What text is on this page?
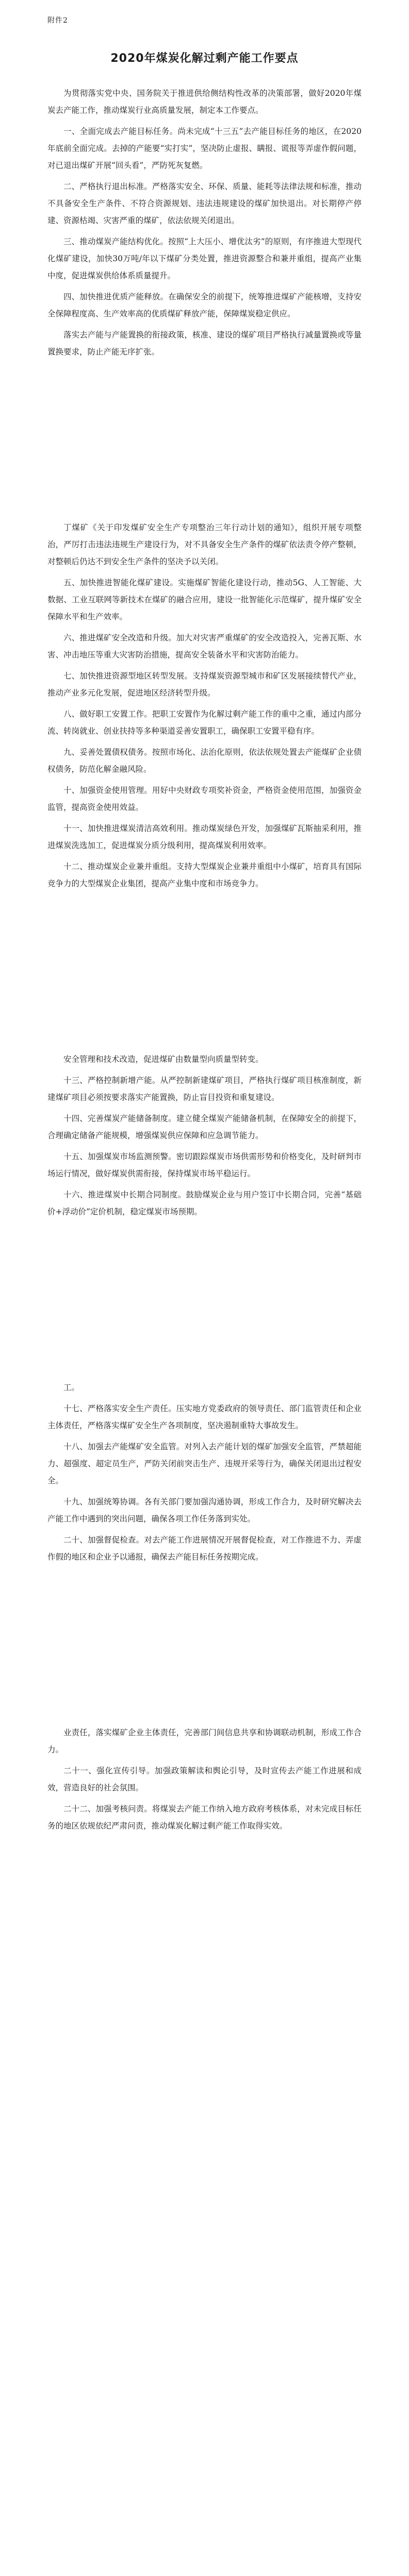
附件2
2020年煤炭化解过剩产能工作要点

为贯彻落实党中央、国务院关于推进供给侧结构性改革的决策部署，做好2020年煤炭去产能工作，推动煤炭行业高质量发展，制定本工作要点。

一、全面完成去产能目标任务。尚未完成“十三五”去产能目标任务的地区，在2020年底前全面完成。去掉的产能要“实打实”，坚决防止虚报、瞒报、谎报等弄虚作假问题，对已退出煤矿开展“回头看”，严防死灰复燃。

二、严格执行退出标准。严格落实安全、环保、质量、能耗等法律法规和标准，推动不具备安全生产条件、不符合资源规划、违法违规建设的煤矿加快退出。对长期停产停建、资源枯竭、灾害严重的煤矿，依法依规关闭退出。

三、推动煤炭产能结构优化。按照“上大压小、增优汰劣”的原则，有序推进大型现代化煤矿建设，加快30万吨/年以下煤矿分类处置，推进资源整合和兼并重组，提高产业集中度，促进煤炭供给体系质量提升。

四、加快推进优质产能释放。在确保安全的前提下，统筹推进煤矿产能核增，支持安全保障程度高、生产效率高的优质煤矿释放产能，保障煤炭稳定供应。

落实去产能与产能置换的衔接政策，核准、建设的煤矿项目严格执行减量置换或等量置换要求，防止产能无序扩张。

丁煤矿《关于印发煤矿安全生产专项整治三年行动计划的通知》，组织开展专项整治，严厉打击违法违规生产建设行为，对不具备安全生产条件的煤矿依法责令停产整顿，对整顿后仍达不到安全生产条件的坚决予以关闭。

五、加快推进智能化煤矿建设。实施煤矿智能化建设行动，推动5G、人工智能、大数据、工业互联网等新技术在煤矿的融合应用，建设一批智能化示范煤矿，提升煤矿安全保障水平和生产效率。

六、推进煤矿安全改造和升级。加大对灾害严重煤矿的安全改造投入，完善瓦斯、水害、冲击地压等重大灾害防治措施，提高安全装备水平和灾害防治能力。

七、加快推进资源型地区转型发展。支持煤炭资源型城市和矿区发展接续替代产业，推动产业多元化发展，促进地区经济转型升级。

八、做好职工安置工作。把职工安置作为化解过剩产能工作的重中之重，通过内部分流、转岗就业、创业扶持等多种渠道妥善安置职工，确保职工安置平稳有序。

九、妥善处置债权债务。按照市场化、法治化原则，依法依规处置去产能煤矿企业债权债务，防范化解金融风险。

十、加强资金使用管理。用好中央财政专项奖补资金，严格资金使用范围，加强资金监管，提高资金使用效益。

十一、加快推进煤炭清洁高效利用。推动煤炭绿色开发，加强煤矿瓦斯抽采利用，推进煤炭洗选加工，促进煤炭分质分级利用，提高煤炭利用效率。

十二、推动煤炭企业兼并重组。支持大型煤炭企业兼并重组中小煤矿，培育具有国际竞争力的大型煤炭企业集团，提高产业集中度和市场竞争力。

安全管理和技术改造，促进煤矿由数量型向质量型转变。

十三、严格控制新增产能。从严控制新建煤矿项目，严格执行煤矿项目核准制度，新建煤矿项目必须按要求落实产能置换，防止盲目投资和重复建设。

十四、完善煤炭产能储备制度。建立健全煤炭产能储备机制，在保障安全的前提下，合理确定储备产能规模，增强煤炭供应保障和应急调节能力。

十五、加强煤炭市场监测预警。密切跟踪煤炭市场供需形势和价格变化，及时研判市场运行情况，做好煤炭供需衔接，保持煤炭市场平稳运行。

十六、推进煤炭中长期合同制度。鼓励煤炭企业与用户签订中长期合同，完善“基础价+浮动价”定价机制，稳定煤炭市场预期。

工。

十七、严格落实安全生产责任。压实地方党委政府的领导责任、部门监管责任和企业主体责任，严格落实煤矿安全生产各项制度，坚决遏制重特大事故发生。

十八、加强去产能煤矿安全监管。对列入去产能计划的煤矿加强安全监管，严禁超能力、超强度、超定员生产，严防关闭前突击生产、违规开采等行为，确保关闭退出过程安全。

十九、加强统筹协调。各有关部门要加强沟通协调，形成工作合力，及时研究解决去产能工作中遇到的突出问题，确保各项工作任务落到实处。

二十、加强督促检查。对去产能工作进展情况开展督促检查，对工作推进不力、弄虚作假的地区和企业予以通报，确保去产能目标任务按期完成。

业责任，落实煤矿企业主体责任，完善部门间信息共享和协调联动机制，形成工作合力。

二十一、强化宣传引导。加强政策解读和舆论引导，及时宣传去产能工作进展和成效，营造良好的社会氛围。

二十二、加强考核问责。将煤炭去产能工作纳入地方政府考核体系，对未完成目标任务的地区依规依纪严肃问责，推动煤炭化解过剩产能工作取得实效。
